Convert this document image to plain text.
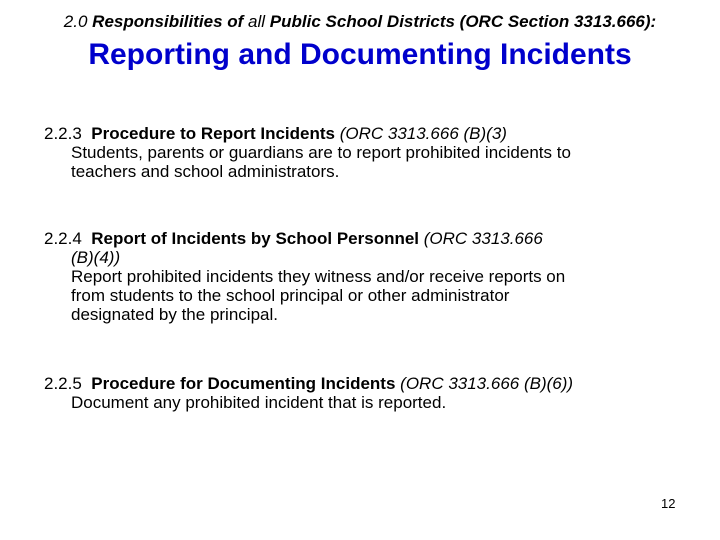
2.0 Responsibilities of all Public School Districts (ORC Section 3313.666):
Reporting and Documenting Incidents
2.2.3 Procedure to Report Incidents (ORC 3313.666 (B)(3)
Students, parents or guardians are to report prohibited incidents to
teachers and school administrators.
2.2.4 Report of Incidents by School Personnel (ORC 3313.666
(B)(4))
Report prohibited incidents they witness and/or receive reports on
from students to the school principal or other administrator
designated by the principal.
2.2.5 Procedure for Documenting Incidents (ORC 3313.666 (B)(6))
Document any prohibited incident that is reported.
12
